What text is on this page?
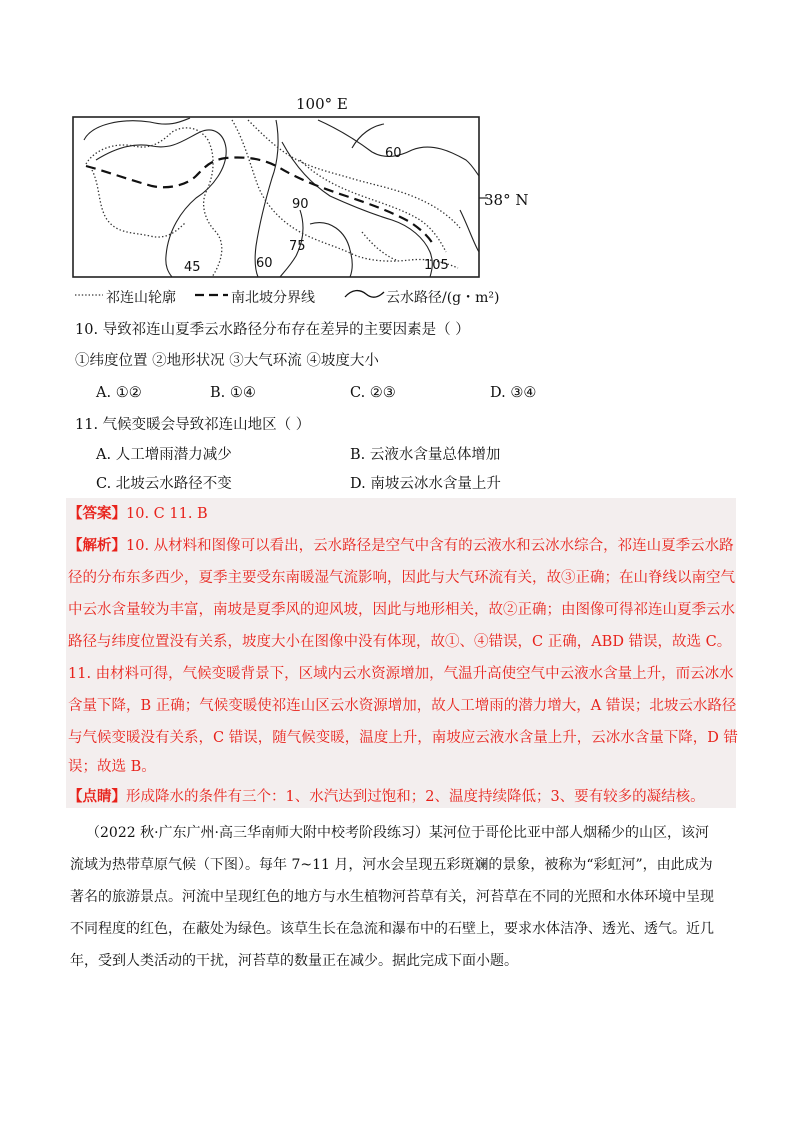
100° E
38° N
60
90
75
60
45	105
祁连山轮廓	南北坡分界线	云水路径/(g・m²)
10. 导致祁连山夏季云水路径分布存在差异的主要因素是（ ）
①纬度位置 ②地形状况 ③大气环流 ④坡度大小
A. ①②	B. ①④	C. ②③	D. ③④
11. 气候变暖会导致祁连山地区（ ）
A. 人工增雨潜力减少	B. 云液水含量总体增加
C. 北坡云水路径不变	D. 南坡云冰水含量上升
【答案】10. C 11. B
【解析】10. 从材料和图像可以看出，云水路径是空气中含有的云液水和云冰水综合，祁连山夏季云水路
径的分布东多西少，夏季主要受东南暖湿气流影响，因此与大气环流有关，故③正确；在山脊线以南空气
中云水含量较为丰富，南坡是夏季风的迎风坡，因此与地形相关，故②正确；由图像可得祁连山夏季云水
路径与纬度位置没有关系，坡度大小在图像中没有体现，故①、④错误，C 正确，ABD 错误，故选 C。
11. 由材料可得，气候变暖背景下，区域内云水资源增加，气温升高使空气中云液水含量上升，而云冰水
含量下降，B 正确；气候变暖使祁连山区云水资源增加，故人工增雨的潜力增大，A 错误；北坡云水路径
与气候变暖没有关系，C 错误，随气候变暖，温度上升，南坡应云液水含量上升，云冰水含量下降，D 错
误；故选 B。
【点睛】形成降水的条件有三个：1、水汽达到过饱和；2、温度持续降低；3、要有较多的凝结核。
（2022 秋·广东广州·高三华南师大附中校考阶段练习）某河位于哥伦比亚中部人烟稀少的山区，该河
流域为热带草原气候（下图）。每年 7~11 月，河水会呈现五彩斑斓的景象，被称为“彩虹河”，由此成为
著名的旅游景点。河流中呈现红色的地方与水生植物河苔草有关，河苔草在不同的光照和水体环境中呈现
不同程度的红色，在蔽处为绿色。该草生长在急流和瀑布中的石壁上，要求水体洁净、透光、透气。近几
年，受到人类活动的干扰，河苔草的数量正在减少。据此完成下面小题。
